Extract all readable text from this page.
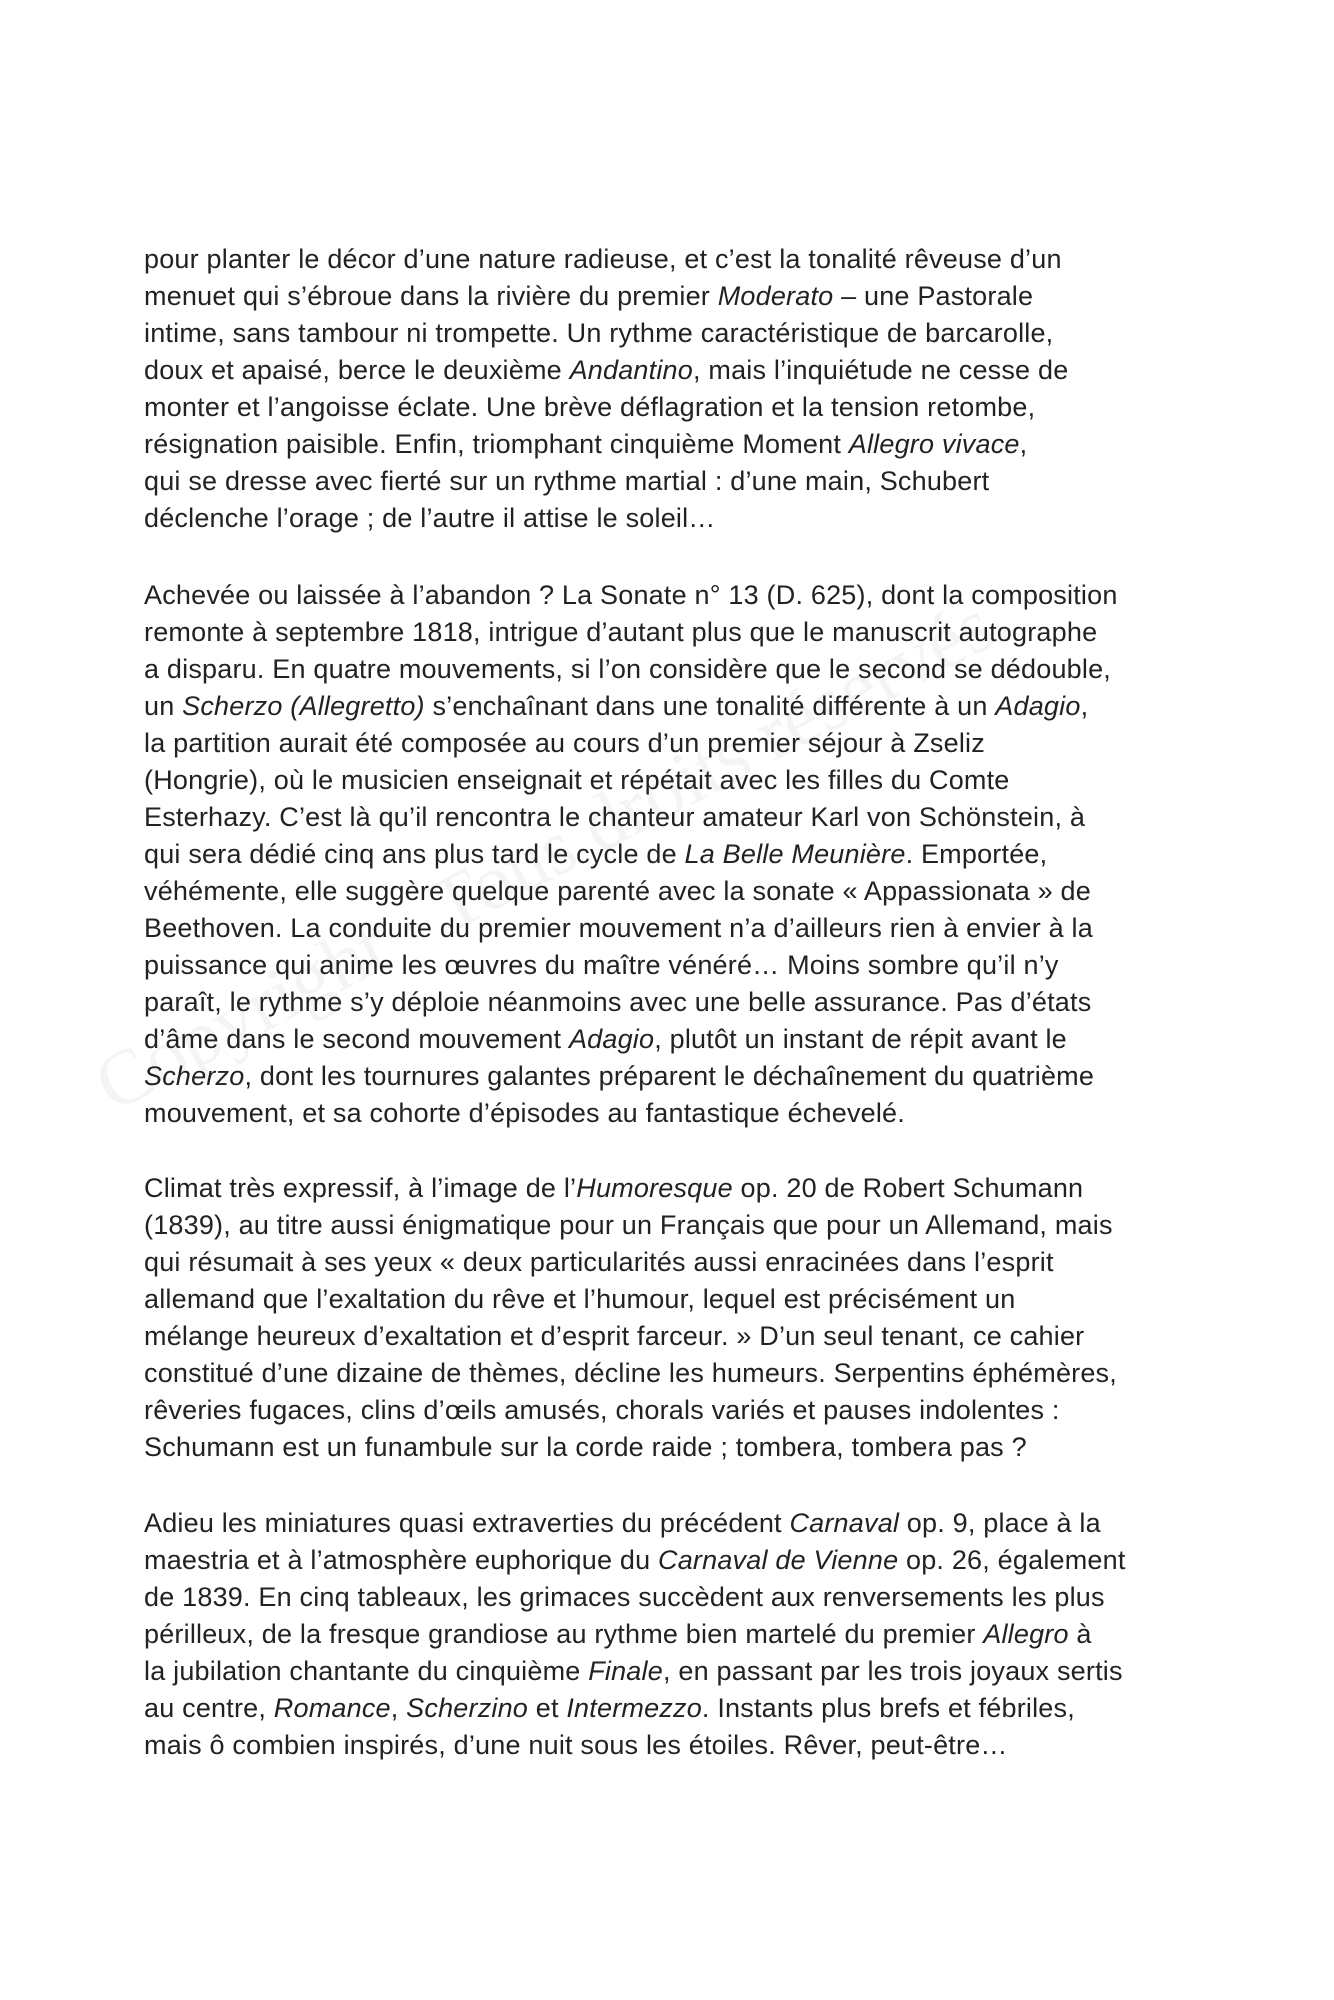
pour planter le décor d’une nature radieuse, et c’est la tonalité rêveuse d’un
menuet qui s’ébroue dans la rivière du premier Moderato – une Pastorale
intime, sans tambour ni trompette. Un rythme caractéristique de barcarolle,
doux et apaisé, berce le deuxième Andantino, mais l’inquiétude ne cesse de
monter et l’angoisse éclate. Une brève déflagration et la tension retombe,
résignation paisible. Enfin, triomphant cinquième Moment Allegro vivace,
qui se dresse avec fierté sur un rythme martial : d’une main, Schubert
déclenche l’orage ; de l’autre il attise le soleil…
Achevée ou laissée à l’abandon ? La Sonate n° 13 (D. 625), dont la composition
remonte à septembre 1818, intrigue d’autant plus que le manuscrit autographe
a disparu. En quatre mouvements, si l’on considère que le second se dédouble,
un Scherzo (Allegretto) s’enchaînant dans une tonalité différente à un Adagio,
la partition aurait été composée au cours d’un premier séjour à Zseliz
(Hongrie), où le musicien enseignait et répétait avec les filles du Comte
Esterhazy. C’est là qu’il rencontra le chanteur amateur Karl von Schönstein, à
qui sera dédié cinq ans plus tard le cycle de La Belle Meunière. Emportée,
véhémente, elle suggère quelque parenté avec la sonate « Appassionata » de
Beethoven. La conduite du premier mouvement n’a d’ailleurs rien à envier à la
puissance qui anime les œuvres du maître vénéré… Moins sombre qu’il n’y
paraît, le rythme s’y déploie néanmoins avec une belle assurance. Pas d’états
d’âme dans le second mouvement Adagio, plutôt un instant de répit avant le
Scherzo, dont les tournures galantes préparent le déchaînement du quatrième
mouvement, et sa cohorte d’épisodes au fantastique échevelé.
Climat très expressif, à l’image de l’Humoresque op. 20 de Robert Schumann
(1839), au titre aussi énigmatique pour un Français que pour un Allemand, mais
qui résumait à ses yeux « deux particularités aussi enracinées dans l’esprit
allemand que l’exaltation du rêve et l’humour, lequel est précisément un
mélange heureux d’exaltation et d’esprit farceur. » D’un seul tenant, ce cahier
constitué d’une dizaine de thèmes, décline les humeurs. Serpentins éphémères,
rêveries fugaces, clins d’œils amusés, chorals variés et pauses indolentes :
Schumann est un funambule sur la corde raide ; tombera, tombera pas ?
Adieu les miniatures quasi extraverties du précédent Carnaval op. 9, place à la
maestria et à l’atmosphère euphorique du Carnaval de Vienne op. 26, également
de 1839. En cinq tableaux, les grimaces succèdent aux renversements les plus
périlleux, de la fresque grandiose au rythme bien martelé du premier Allegro à
la jubilation chantante du cinquième Finale, en passant par les trois joyaux sertis
au centre, Romance, Scherzino et Intermezzo. Instants plus brefs et fébriles,
mais ô combien inspirés, d’une nuit sous les étoiles. Rêver, peut-être…
